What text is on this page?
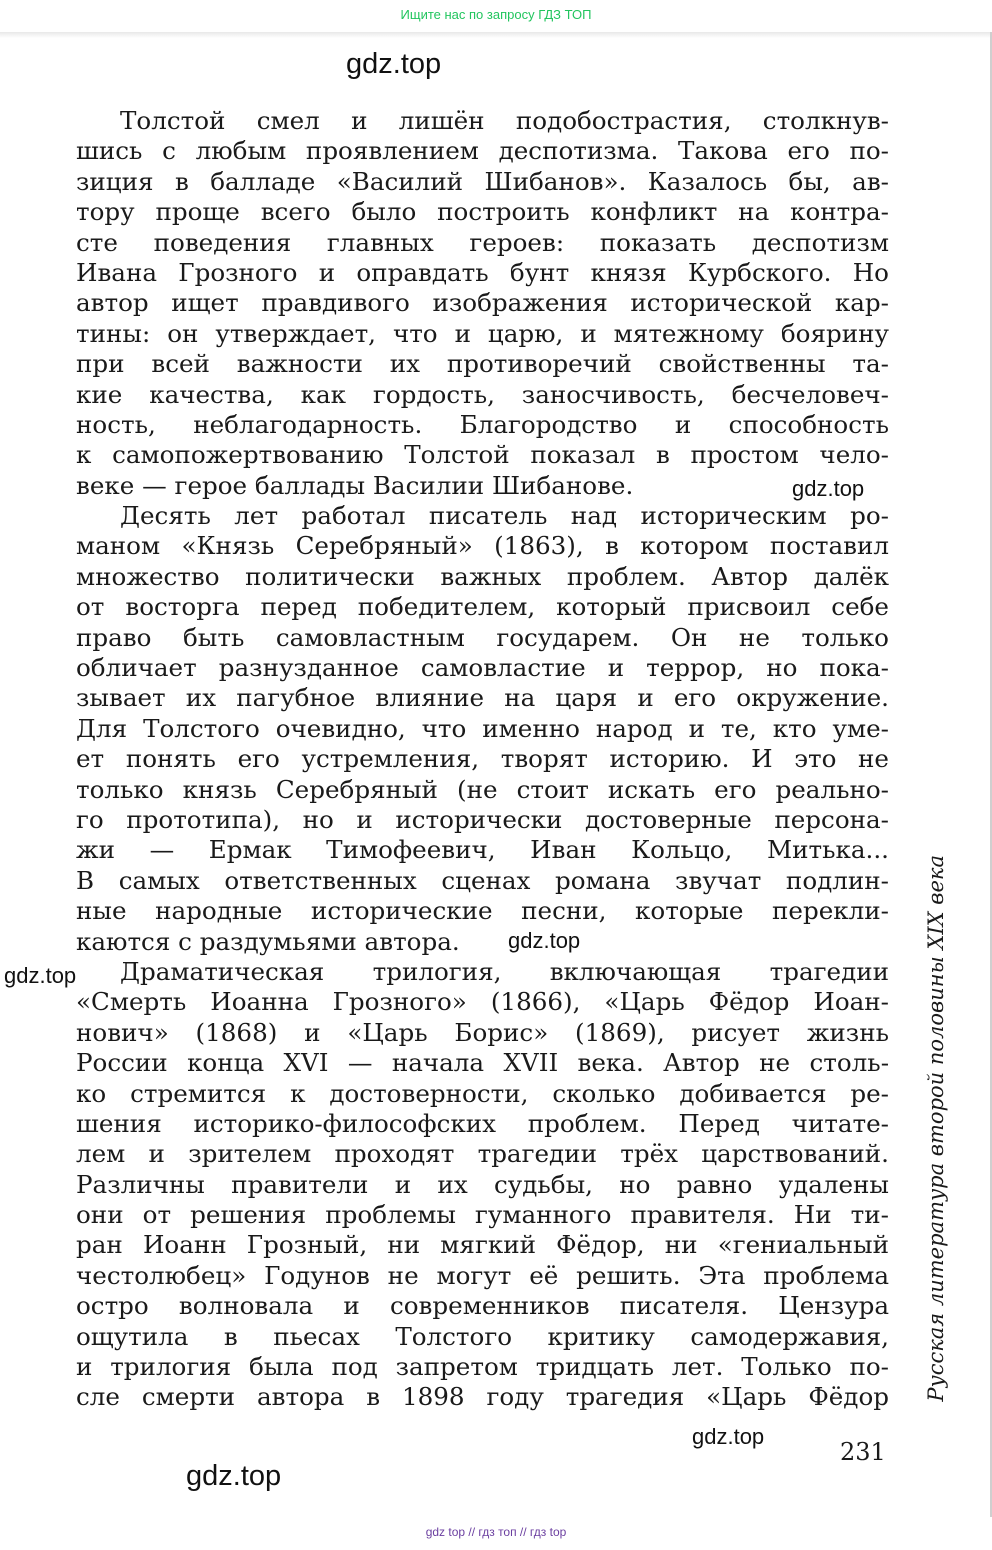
Ищите нас по запросу ГДЗ ТОП
gdz.top
Толстой смел и лишён подобострастия, столкнув-
шись с любым проявлением деспотизма. Такова его по-
зиция в балладе «Василий Шибанов». Казалось бы, ав-
тору проще всего было построить конфликт на контра-
сте поведения главных героев: показать деспотизм
Ивана Грозного и оправдать бунт князя Курбского. Но
автор ищет правдивого изображения исторической кар-
тины: он утверждает, что и царю, и мятежному боярину
при всей важности их противоречий свойственны та-
кие качества, как гордость, заносчивость, бесчеловеч-
ность, неблагодарность. Благородство и способность
к самопожертвованию Толстой показал в простом чело-
веке — герое баллады Василии Шибанове.
Десять лет работал писатель над историческим ро-
маном «Князь Серебряный» (1863), в котором поставил
множество политически важных проблем. Автор далёк
от восторга перед победителем, который присвоил себе
право быть самовластным государем. Он не только
обличает разнузданное самовластие и террор, но пока-
зывает их пагубное влияние на царя и его окружение.
Для Толстого очевидно, что именно народ и те, кто уме-
ет понять его устремления, творят историю. И это не
только князь Серебряный (не стоит искать его реально-
го прототипа), но и исторически достоверные персона-
жи — Ермак Тимофеевич, Иван Кольцо, Митька...
В самых ответственных сценах романа звучат подлин-
ные народные исторические песни, которые перекли-
каются с раздумьями автора.
Драматическая трилогия, включающая трагедии
«Смерть Иоанна Грозного» (1866), «Царь Фёдор Иоан-
нович» (1868) и «Царь Борис» (1869), рисует жизнь
России конца XVI — начала XVII века. Автор не столь-
ко стремится к достоверности, сколько добивается ре-
шения историко-философских проблем. Перед читате-
лем и зрителем проходят трагедии трёх царствований.
Различны правители и их судьбы, но равно удалены
они от решения проблемы гуманного правителя. Ни ти-
ран Иоанн Грозный, ни мягкий Фёдор, ни «гениальный
честолюбец» Годунов не могут её решить. Эта проблема
остро волновала и современников писателя. Цензура
ощутила в пьесах Толстого критику самодержавия,
и трилогия была под запретом тридцать лет. Только по-
сле смерти автора в 1898 году трагедия «Царь Фёдор
gdz.top
gdz.top
gdz.top
gdz.top
gdz.top
Русская литература второй половины XIX века
231
gdz top // гдз топ // гдз top
